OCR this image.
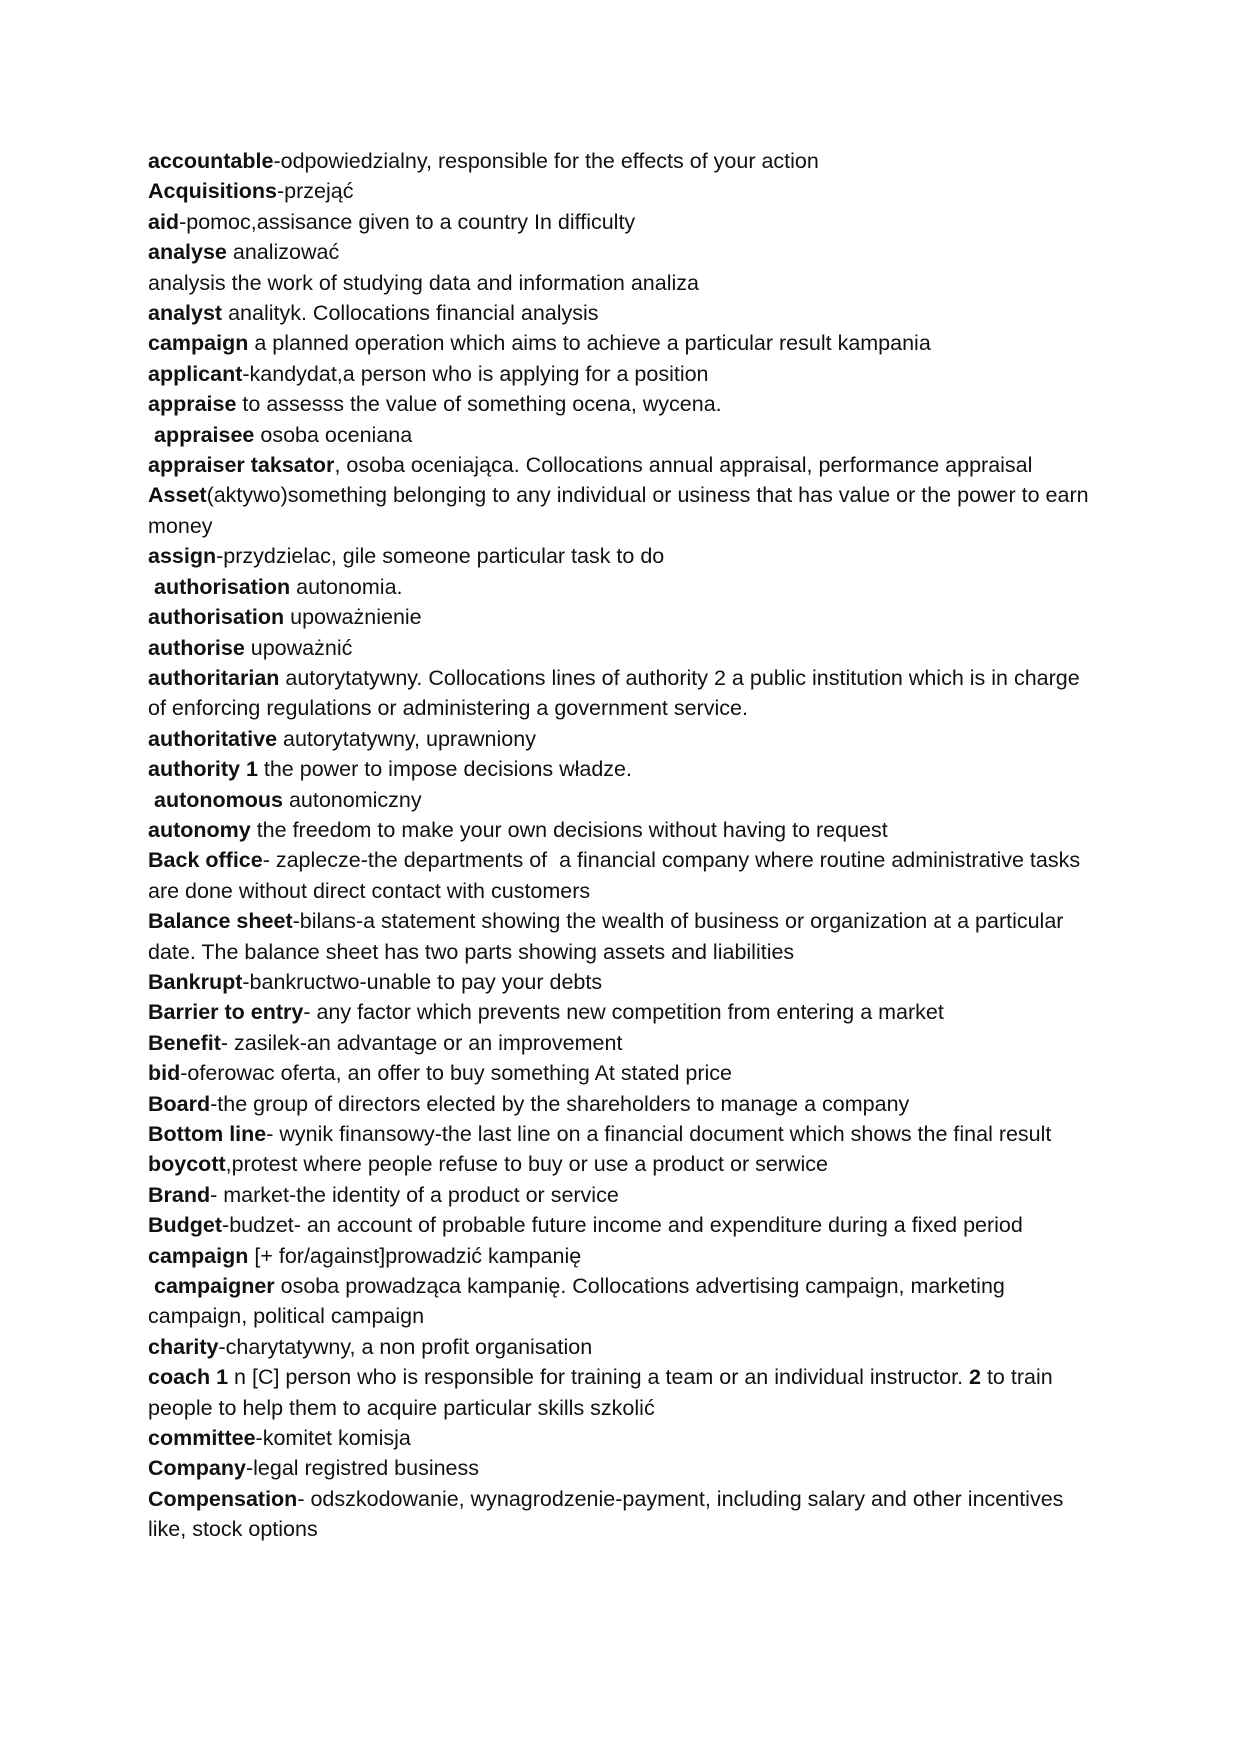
accountable-odpowiedzialny, responsible for the effects of your action

Acquisitions-przejąć

aid-pomoc,assisance given to a country In difficulty

analyse analizować

analysis the work of studying data and information analiza

analyst analityk. Collocations financial analysis

campaign a planned operation which aims to achieve a particular result kampania

applicant-kandydat,a person who is applying for a position

appraise to assesss the value of something ocena, wycena.

appraisee osoba oceniana

appraiser taksator, osoba oceniająca. Collocations annual appraisal, performance appraisal

Asset(aktywo)something belonging to any individual or usiness that has value or the power to earn money

assign-przydzielac, gile someone particular task to do

authorisation autonomia.

authorisation upoważnienie

authorise upoważnić

authoritarian autorytatywny. Collocations lines of authority 2 a public institution which is in charge of enforcing regulations or administering a government service.

authoritative autorytatywny, uprawniony

authority 1 the power to impose decisions władze.

autonomous autonomiczny

autonomy the freedom to make your own decisions without having to request

Back office- zaplecze-the departments of  a financial company where routine administrative tasks are done without direct contact with customers

Balance sheet-bilans-a statement showing the wealth of business or organization at a particular date. The balance sheet has two parts showing assets and liabilities

Bankrupt-bankructwo-unable to pay your debts

Barrier to entry- any factor which prevents new competition from entering a market

Benefit- zasilek-an advantage or an improvement

bid-oferowac oferta, an offer to buy something At stated price

Board-the group of directors elected by the shareholders to manage a company

Bottom line- wynik finansowy-the last line on a financial document which shows the final result

boycott,protest where people refuse to buy or use a product or serwice

Brand- market-the identity of a product or service

Budget-budzet- an account of probable future income and expenditure during a fixed period

campaign [+ for/against]prowadzić kampanię

campaigner osoba prowadząca kampanię. Collocations advertising campaign, marketing campaign, political campaign

charity-charytatywny, a non profit organisation

coach 1 n [C] person who is responsible for training a team or an individual instructor. 2 to train people to help them to acquire particular skills szkolić

committee-komitet komisja

Company-legal registred business

Compensation- odszkodowanie, wynagrodzenie-payment, including salary and other incentives like, stock options
